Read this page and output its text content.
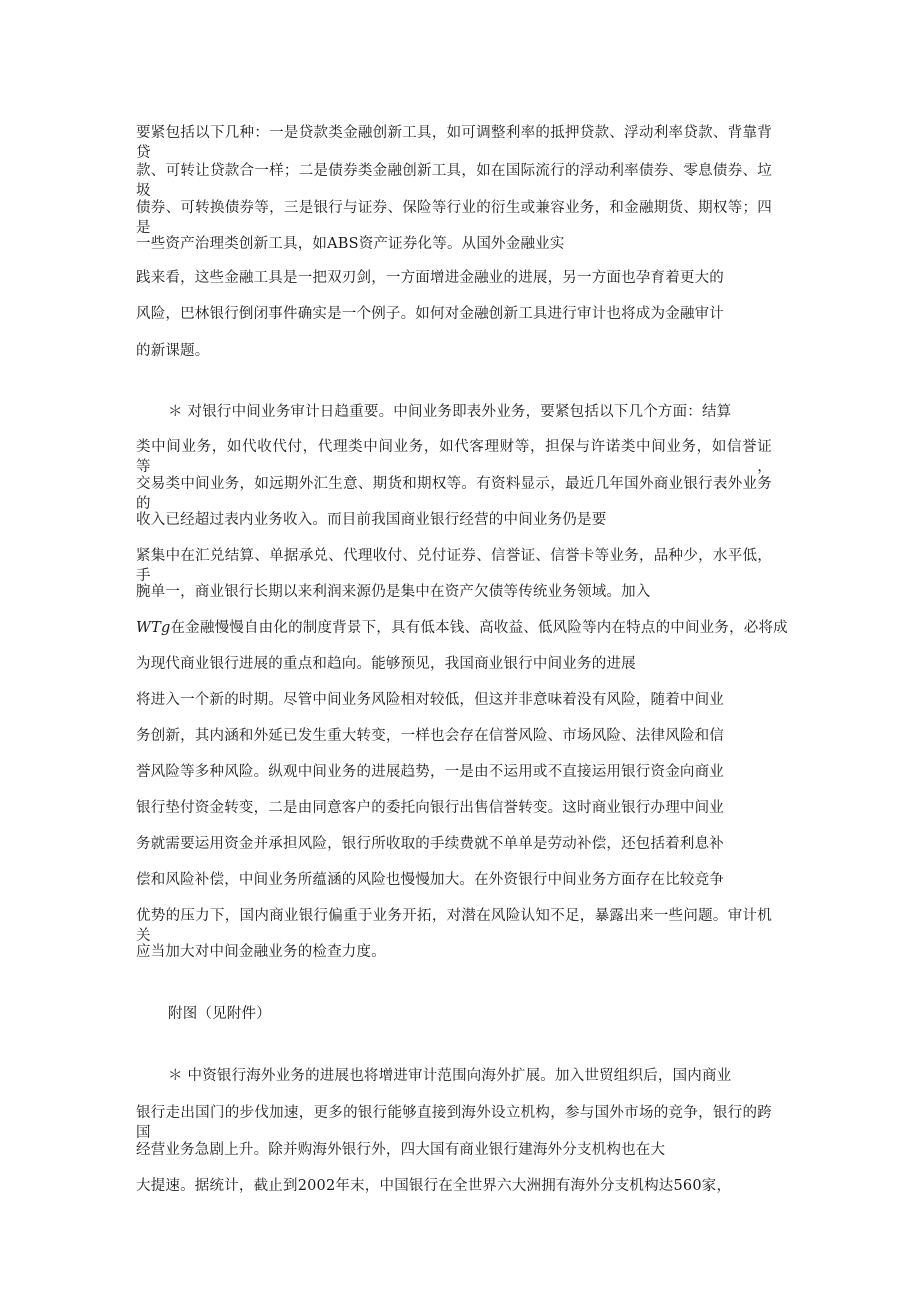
要紧包括以下几种：一是贷款类金融创新工具，如可调整利率的抵押贷款、浮动利率贷款、背靠背贷
款、可转让贷款合一样；二是债券类金融创新工具，如在国际流行的浮动利率债券、零息债券、垃圾
债券、可转换债券等，三是银行与证券、保险等行业的衍生或兼容业务，和金融期货、期权等；四是
一些资产治理类创新工具，如ABS资产证券化等。从国外金融业实
践来看，这些金融工具是一把双刃剑，一方面增进金融业的进展，另一方面也孕育着更大的
风险，巴林银行倒闭事件确实是一个例子。如何对金融创新工具进行审计也将成为金融审计
的新课题。
＊ 对银行中间业务审计日趋重要。中间业务即表外业务，要紧包括以下几个方面：结算
类中间业务，如代收代付，代理类中间业务，如代客理财等，担保与许诺类中间业务，如信誉证等，
交易类中间业务，如远期外汇生意、期货和期权等。有资料显示，最近几年国外商业银行表外业务的
收入已经超过表内业务收入。而目前我国商业银行经营的中间业务仍是要
紧集中在汇兑结算、单据承兑、代理收付、兑付证券、信誉证、信誉卡等业务，品种少，水平低，手
腕单一，商业银行长期以来利润来源仍是集中在资产欠债等传统业务领域。加入
WTg在金融慢慢自由化的制度背景下，具有低本钱、高收益、低风险等内在特点的中间业务，必将成
为现代商业银行进展的重点和趋向。能够预见，我国商业银行中间业务的进展
将进入一个新的时期。尽管中间业务风险相对较低，但这并非意味着没有风险，随着中间业
务创新，其内涵和外延已发生重大转变，一样也会存在信誉风险、市场风险、法律风险和信
誉风险等多种风险。纵观中间业务的进展趋势，一是由不运用或不直接运用银行资金向商业
银行垫付资金转变，二是由同意客户的委托向银行出售信誉转变。这时商业银行办理中间业
务就需要运用资金并承担风险，银行所收取的手续费就不单单是劳动补偿，还包括着利息补
偿和风险补偿，中间业务所蕴涵的风险也慢慢加大。在外资银行中间业务方面存在比较竞争
优势的压力下，国内商业银行偏重于业务开拓，对潜在风险认知不足，暴露出来一些问题。审计机关
应当加大对中间金融业务的检查力度。
附图（见附件）
＊ 中资银行海外业务的进展也将增进审计范围向海外扩展。加入世贸组织后，国内商业
银行走出国门的步伐加速，更多的银行能够直接到海外设立机构，参与国外市场的竞争，银行的跨国
经营业务急剧上升。除并购海外银行外，四大国有商业银行建海外分支机构也在大
大提速。据统计，截止到2002年末，中国银行在全世界六大洲拥有海外分支机构达560家，
